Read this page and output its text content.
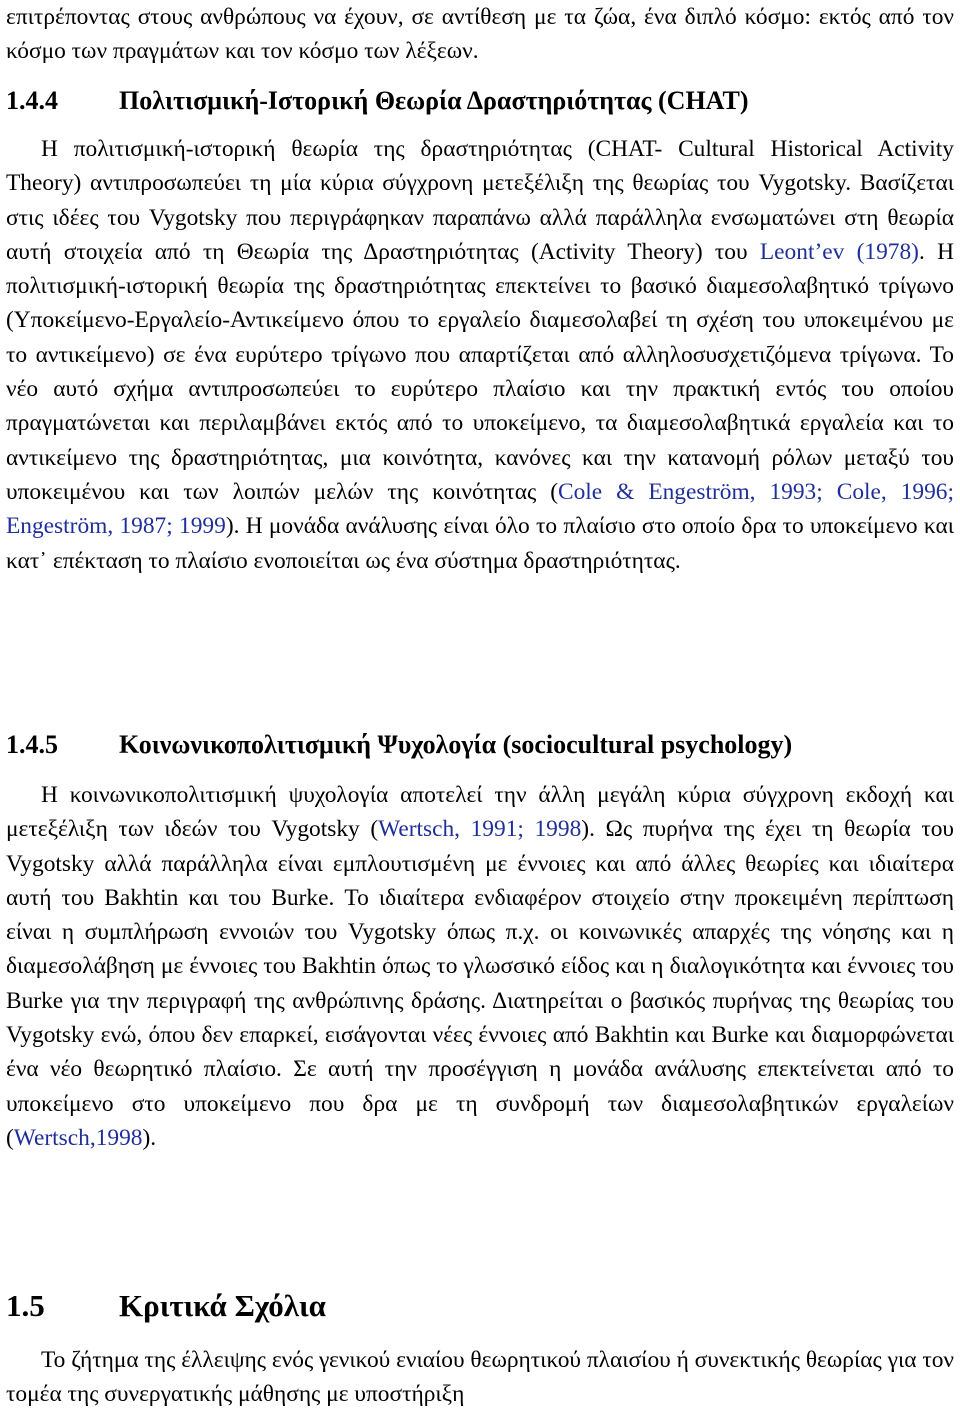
επιτρέποντας στους ανθρώπους να έχουν, σε αντίθεση με τα ζώα, ένα διπλό κόσμο: εκτός από τον κόσμο των πραγμάτων και τον κόσμο των λέξεων.

1.4.4 Πολιτισμική-Ιστορική Θεωρία Δραστηριότητας (CHAT)

Η πολιτισμική-ιστορική θεωρία της δραστηριότητας (CHAT- Cultural Historical Activity Theory) αντιπροσωπεύει τη μία κύρια σύγχρονη μετεξέλιξη της θεωρίας του Vygotsky. Βασίζεται στις ιδέες του Vygotsky που περιγράφηκαν παραπάνω αλλά παράλληλα ενσωματώνει στη θεωρία αυτή στοιχεία από τη Θεωρία της Δραστηριότητας (Activity Theory) του Leont’ev (1978). Η πολιτισμική-ιστορική θεωρία της δραστηριότητας επεκτείνει το βασικό διαμεσολαβητικό τρίγωνο (Υποκείμενο-Εργαλείο-Αντικείμενο όπου το εργαλείο διαμεσολαβεί τη σχέση του υποκειμένου με το αντικείμενο) σε ένα ευρύτερο τρίγωνο που απαρτίζεται από αλληλοσυσχετιζόμενα τρίγωνα. Το νέο αυτό σχήμα αντιπροσωπεύει το ευρύτερο πλαίσιο και την πρακτική εντός του οποίου πραγματώνεται και περιλαμβάνει εκτός από το υποκείμενο, τα διαμεσολαβητικά εργαλεία και το αντικείμενο της δραστηριότητας, μια κοινότητα, κανόνες και την κατανομή ρόλων μεταξύ του υποκειμένου και των λοιπών μελών της κοινότητας (Cole & Engeström, 1993; Cole, 1996; Engeström, 1987; 1999). Η μονάδα ανάλυσης είναι όλο το πλαίσιο στο οποίο δρα το υποκείμενο και κατ᾽ επέκταση το πλαίσιο ενοποιείται ως ένα σύστημα δραστηριότητας.

1.4.5 Κοινωνικοπολιτισμική Ψυχολογία (sociocultural psychology)

Η κοινωνικοπολιτισμική ψυχολογία αποτελεί την άλλη μεγάλη κύρια σύγχρονη εκδοχή και μετεξέλιξη των ιδεών του Vygotsky (Wertsch, 1991; 1998). Ως πυρήνα της έχει τη θεωρία του Vygotsky αλλά παράλληλα είναι εμπλουτισμένη με έννοιες και από άλλες θεωρίες και ιδιαίτερα αυτή του Bakhtin και του Burke. Το ιδιαίτερα ενδιαφέρον στοιχείο στην προκειμένη περίπτωση είναι η συμπλήρωση εννοιών του Vygotsky όπως π.χ. οι κοινωνικές απαρχές της νόησης και η διαμεσολάβηση με έννοιες του Bakhtin όπως το γλωσσικό είδος και η διαλογικότητα και έννοιες του Burke για την περιγραφή της ανθρώπινης δράσης. Διατηρείται ο βασικός πυρήνας της θεωρίας του Vygotsky ενώ, όπου δεν επαρκεί, εισάγονται νέες έννοιες από Bakhtin και Burke και διαμορφώνεται ένα νέο θεωρητικό πλαίσιο. Σε αυτή την προσέγγιση η μονάδα ανάλυσης επεκτείνεται από το υποκείμενο στο υποκείμενο που δρα με τη συνδρομή των διαμεσολαβητικών εργαλείων (Wertsch,1998).

1.5 Κριτικά Σχόλια

Το ζήτημα της έλλειψης ενός γενικού ενιαίου θεωρητικού πλαισίου ή συνεκτικής θεωρίας για τον τομέα της συνεργατικής μάθησης με υποστήριξη
